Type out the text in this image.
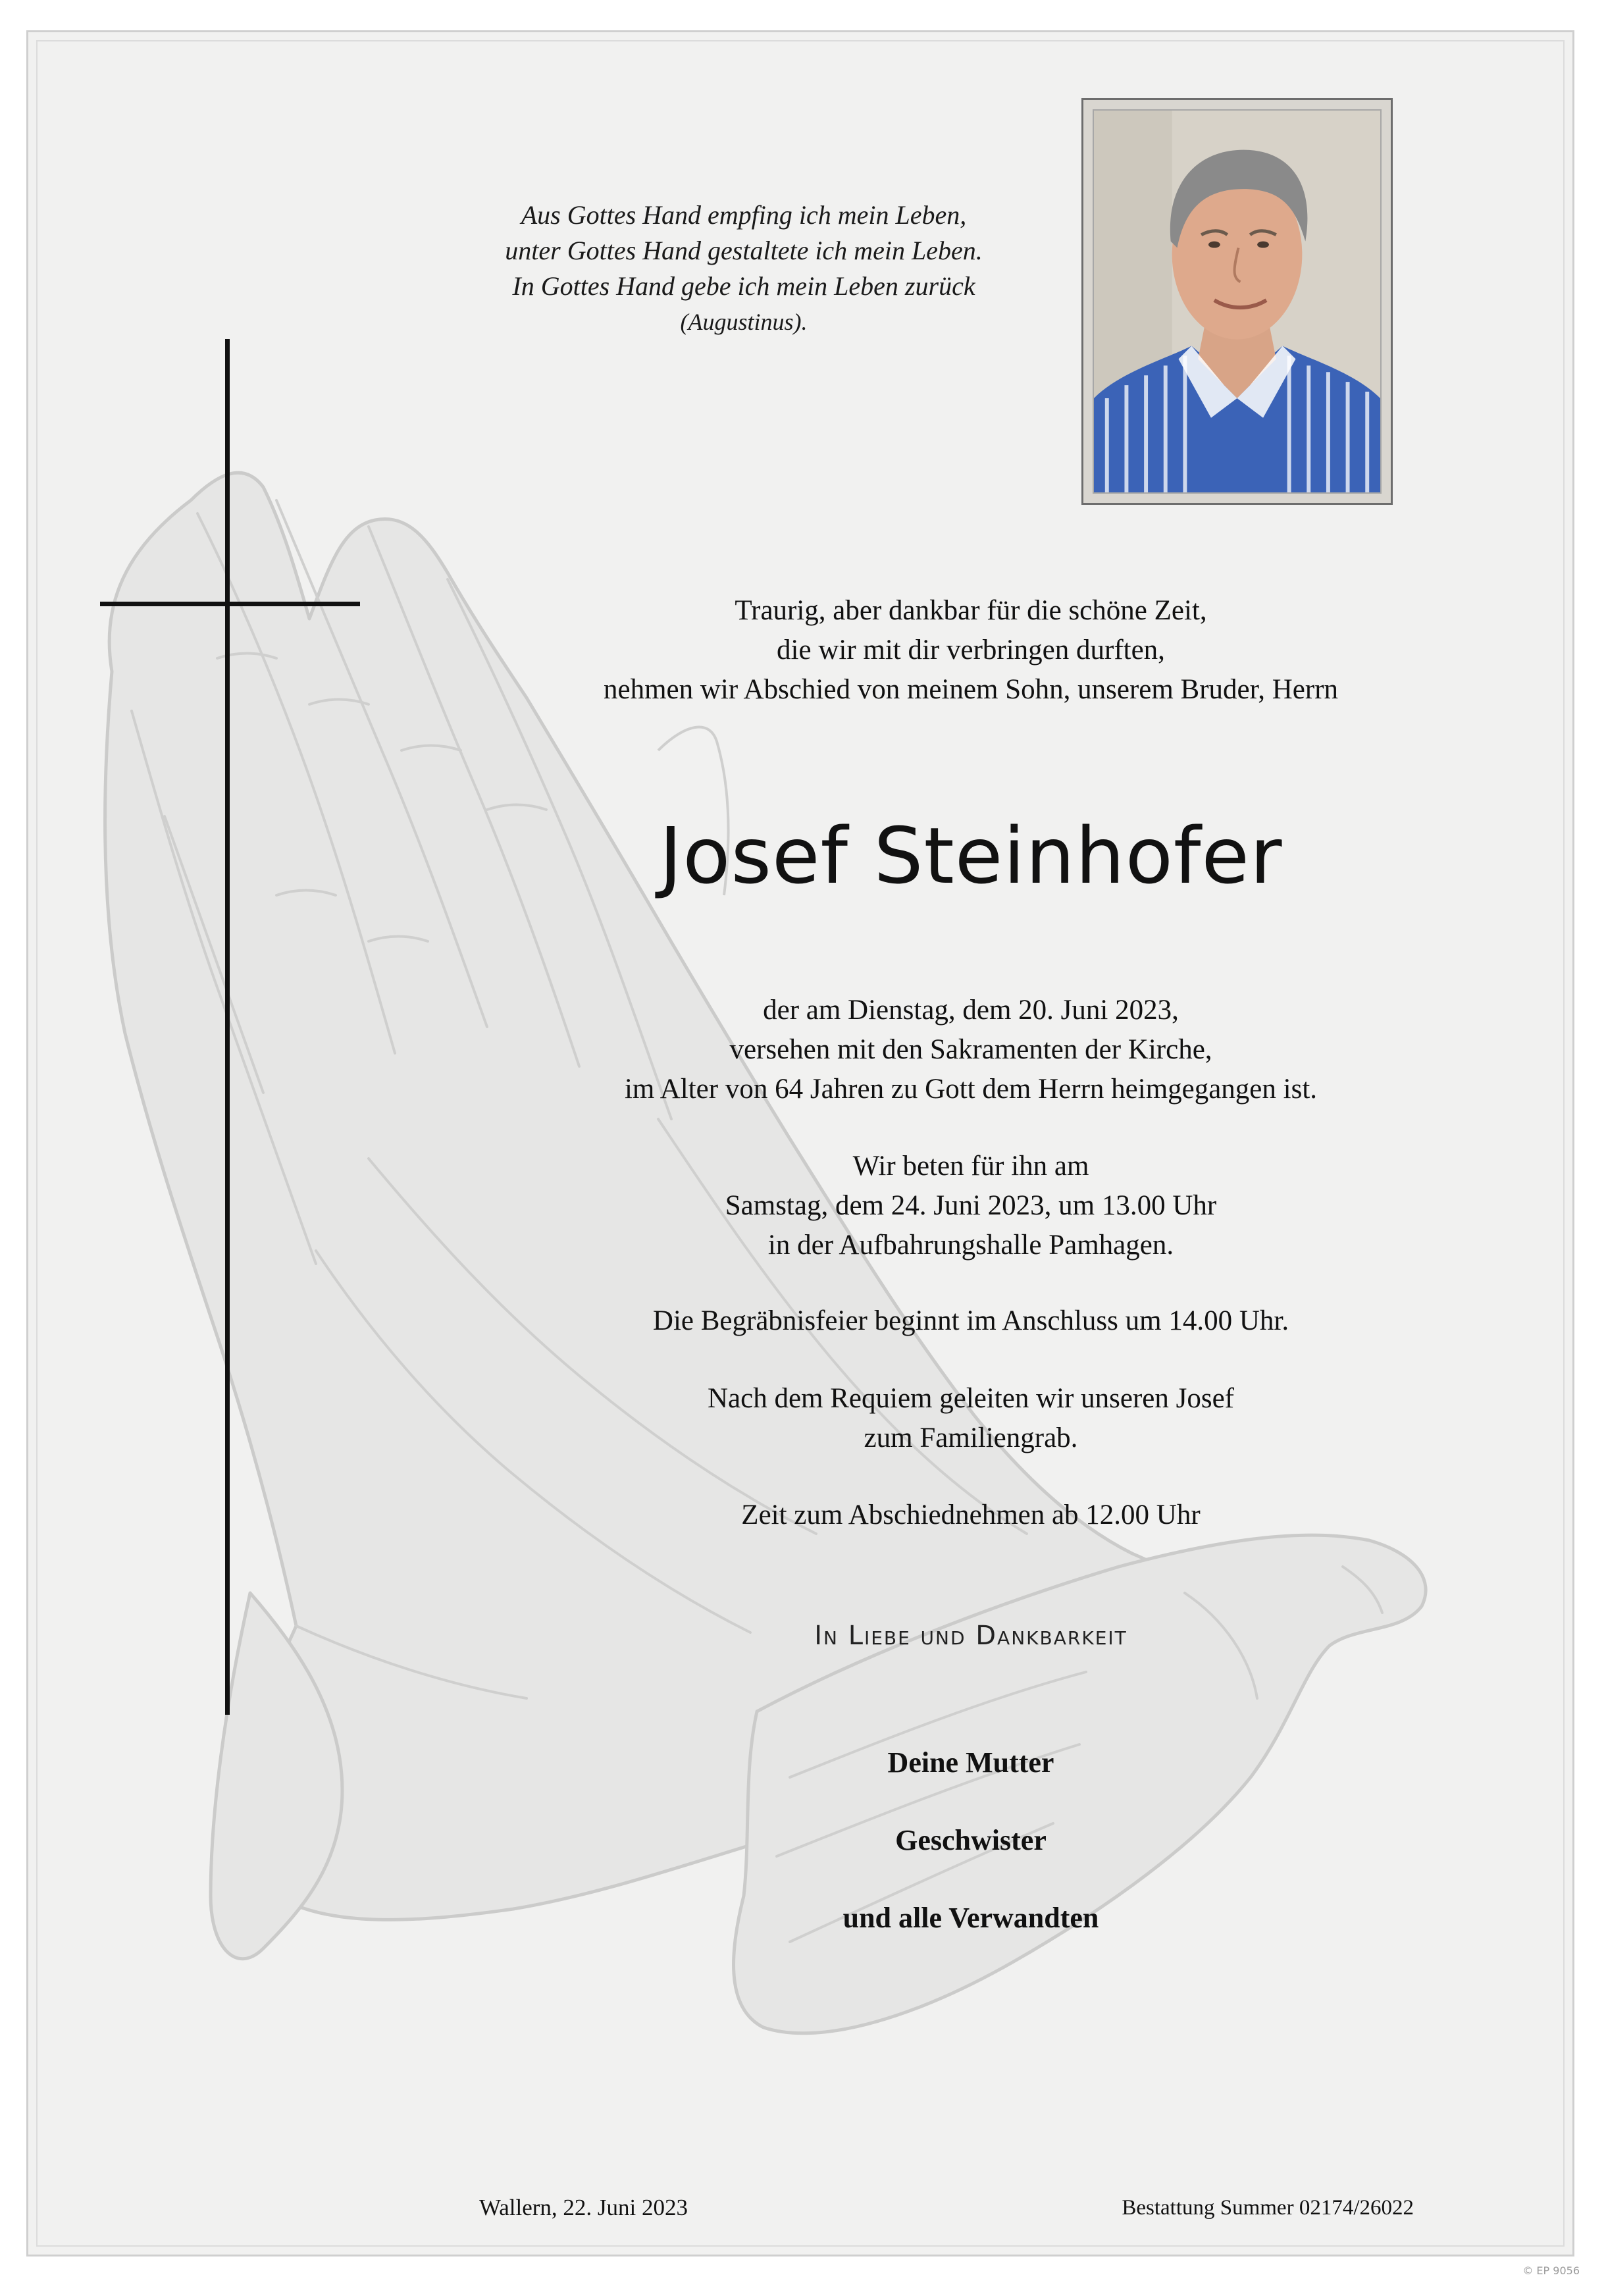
Aus Gottes Hand empfing ich mein Leben,
unter Gottes Hand gestaltete ich mein Leben.
In Gottes Hand gebe ich mein Leben zurück
(Augustinus).
Traurig, aber dankbar für die schöne Zeit,
die wir mit dir verbringen durften,
nehmen wir Abschied von meinem Sohn, unserem Bruder, Herrn
Josef Steinhofer
der am Dienstag, dem 20. Juni 2023,
versehen mit den Sakramenten der Kirche,
im Alter von 64 Jahren zu Gott dem Herrn heimgegangen ist.
Wir beten für ihn am
Samstag, dem 24. Juni 2023, um 13.00 Uhr
in der Aufbahrungshalle Pamhagen.
Die Begräbnisfeier beginnt im Anschluss um 14.00 Uhr.
Nach dem Requiem geleiten wir unseren Josef
zum Familiengrab.
Zeit zum Abschiednehmen ab 12.00 Uhr
In Liebe und Dankbarkeit
Deine Mutter
Geschwister
und alle Verwandten
Wallern, 22. Juni 2023	Bestattung Summer 02174/26022
© EP 9056
